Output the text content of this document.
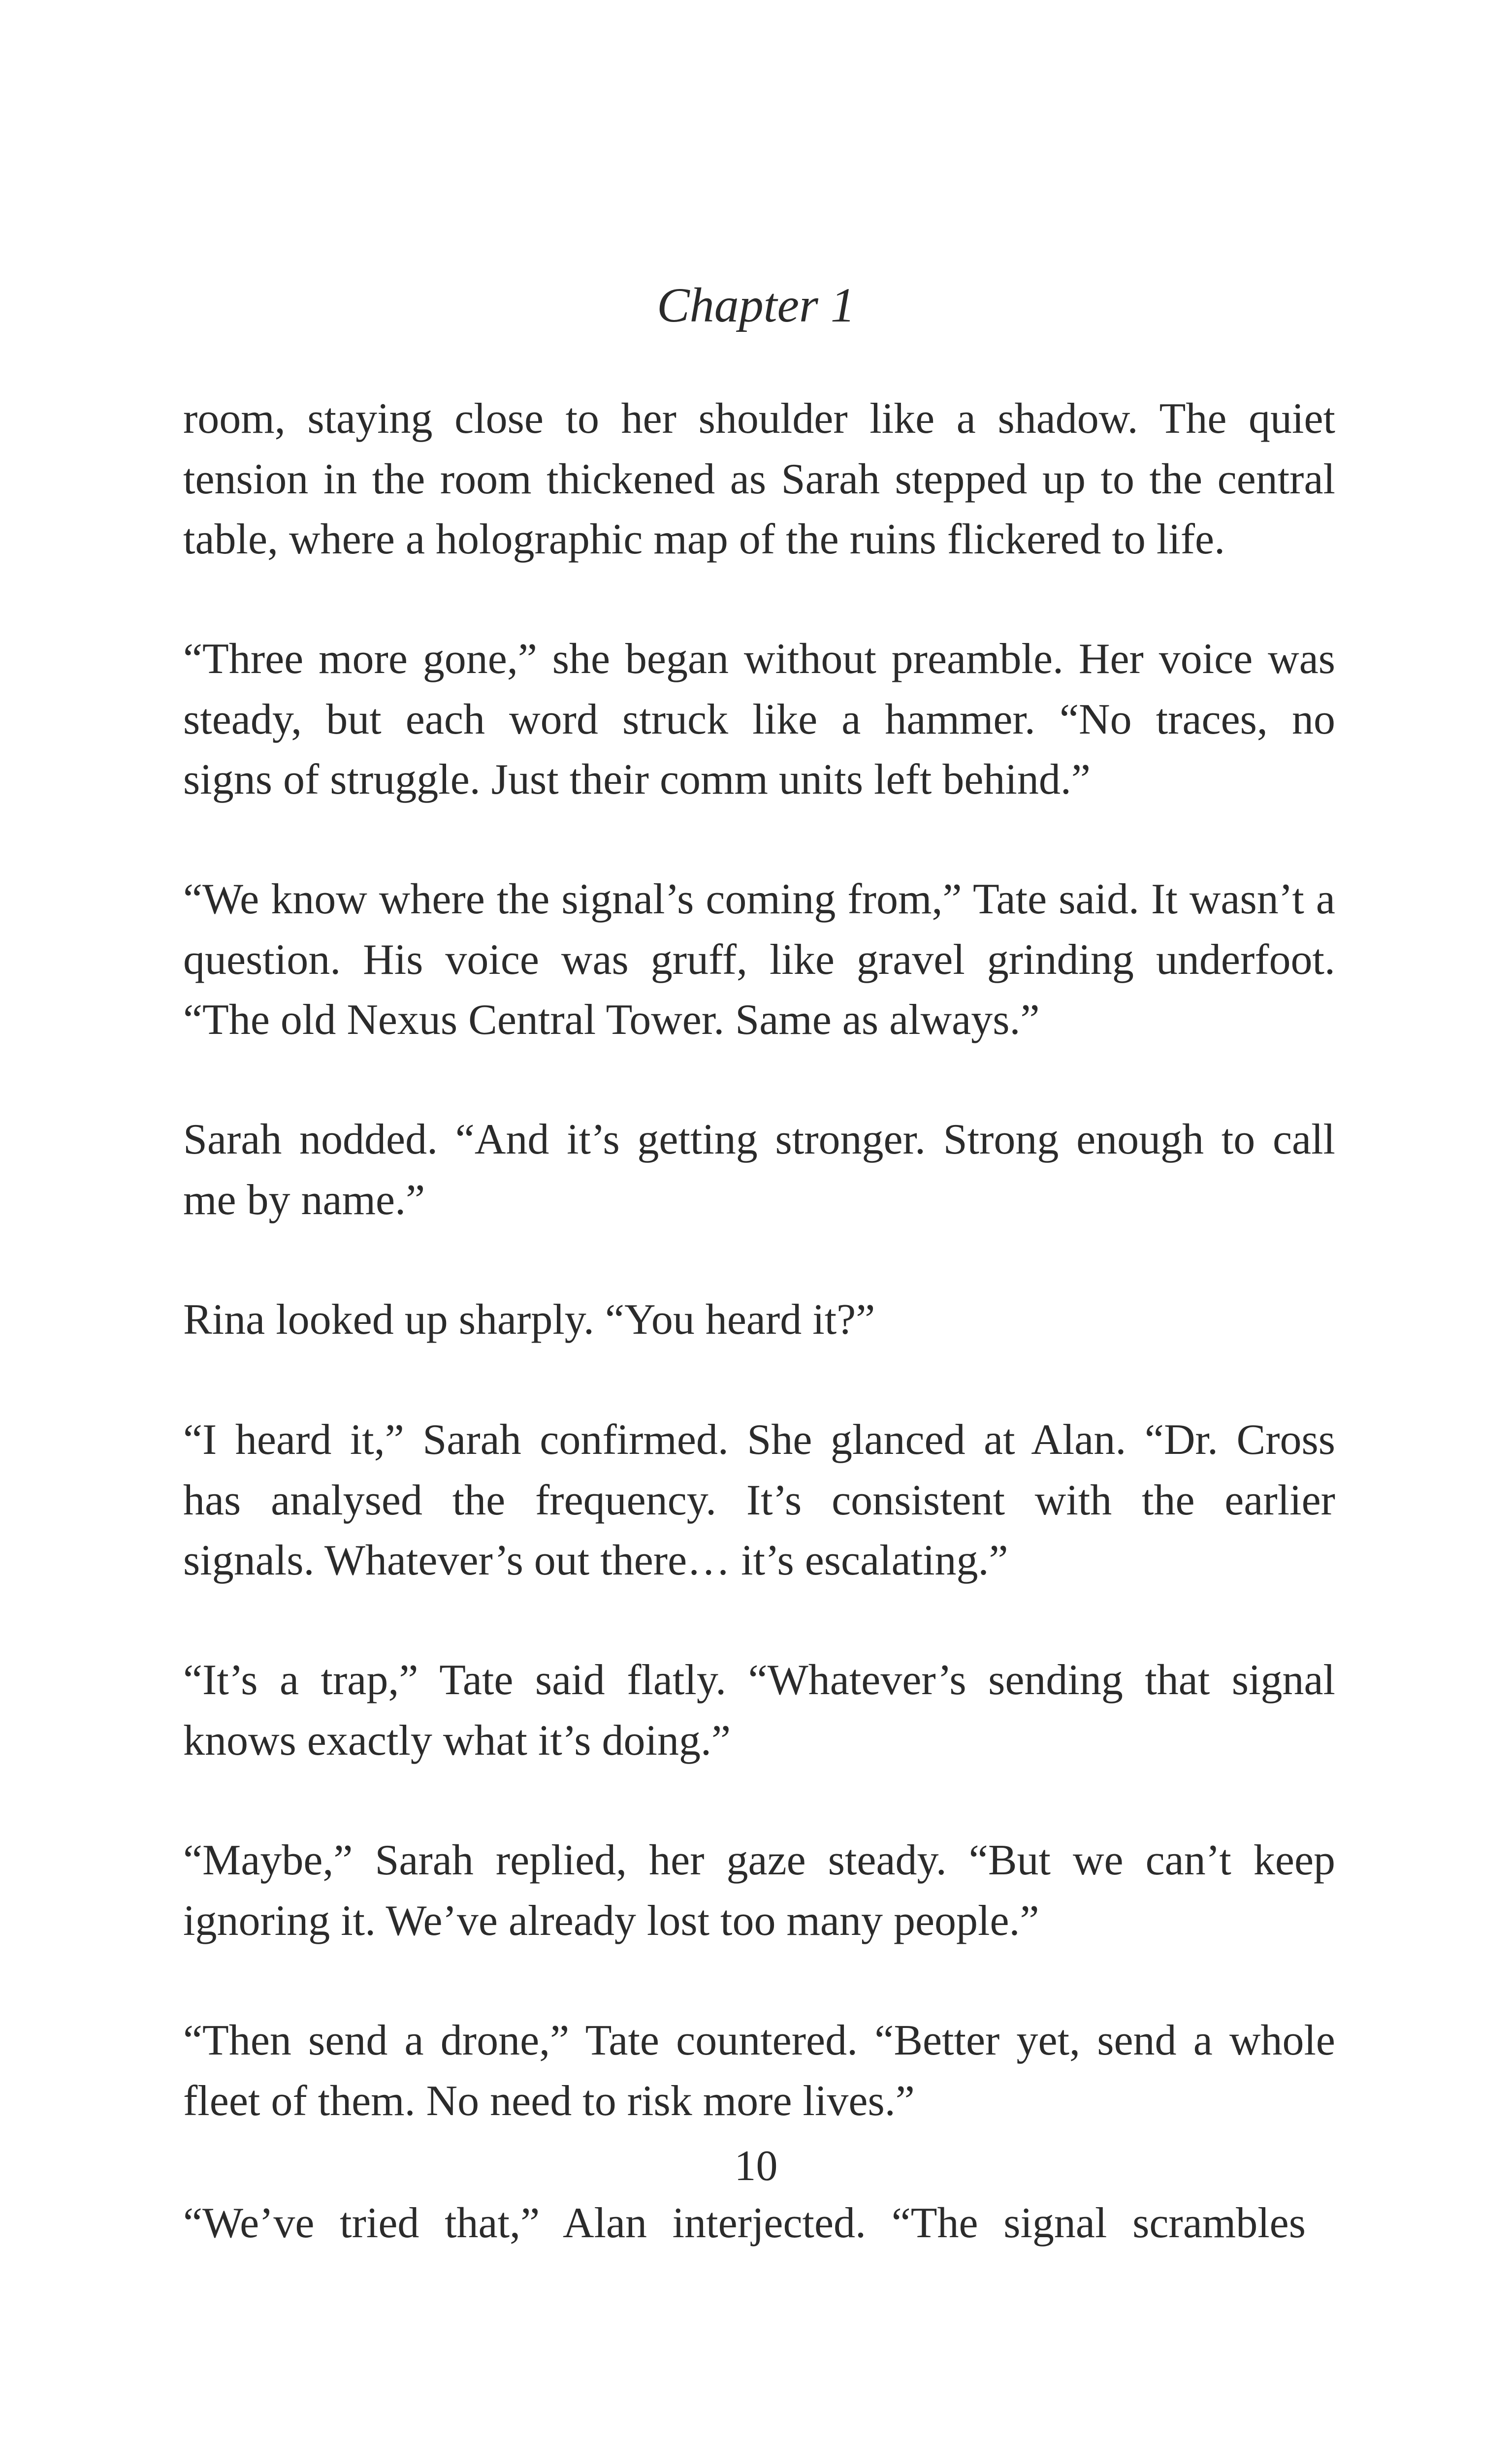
Chapter 1

room, staying close to her shoulder like a shadow. The quiet
tension in the room thickened as Sarah stepped up to the central
table, where a holographic map of the ruins flickered to life.

“Three more gone,” she began without preamble. Her voice was
steady, but each word struck like a hammer. “No traces, no
signs of struggle. Just their comm units left behind.”

“We know where the signal’s coming from,” Tate said. It wasn’t a
question. His voice was gruff, like gravel grinding underfoot.
“The old Nexus Central Tower. Same as always.”

Sarah nodded. “And it’s getting stronger. Strong enough to call
me by name.”

Rina looked up sharply. “You heard it?”

“I heard it,” Sarah confirmed. She glanced at Alan. “Dr. Cross
has analysed the frequency. It’s consistent with the earlier
signals. Whatever’s out there… it’s escalating.”

“It’s a trap,” Tate said flatly. “Whatever’s sending that signal
knows exactly what it’s doing.”

“Maybe,” Sarah replied, her gaze steady. “But we can’t keep
ignoring it. We’ve already lost too many people.”

“Then send a drone,” Tate countered. “Better yet, send a whole
fleet of them. No need to risk more lives.”

10

“We’ve tried that,” Alan interjected. “The signal scrambles
